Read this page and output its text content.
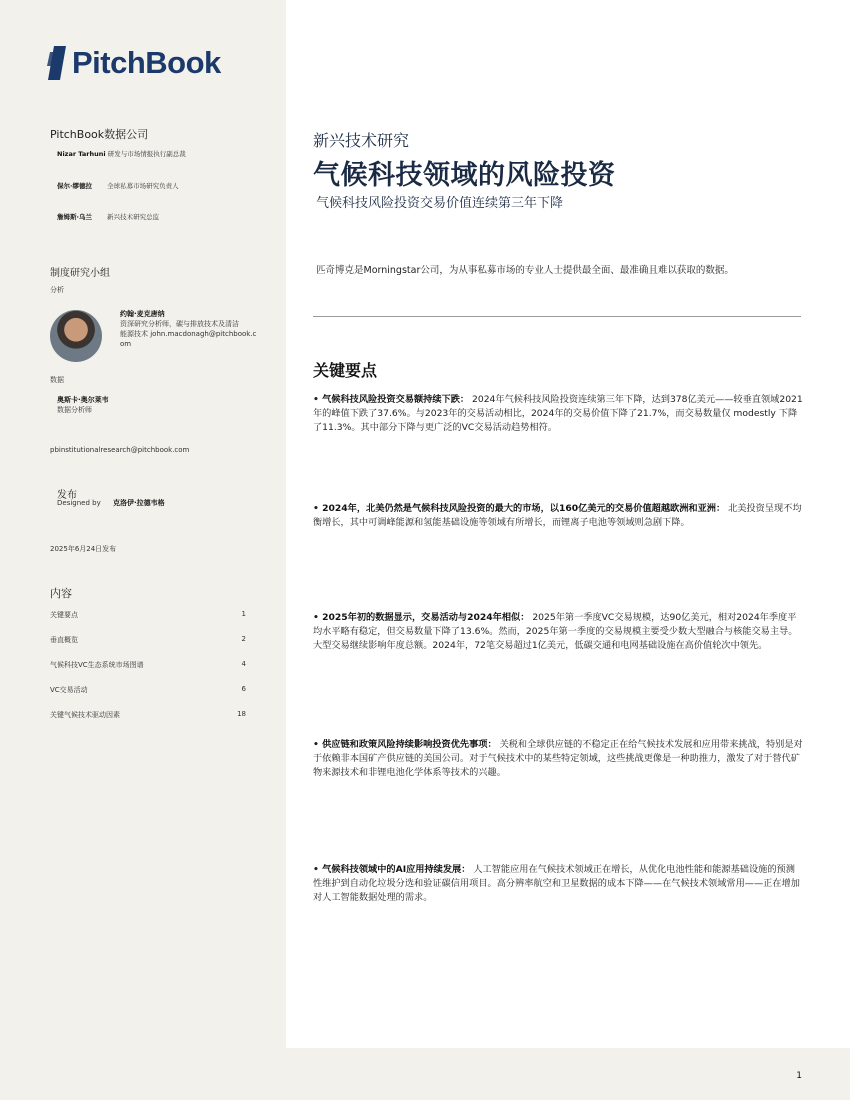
PitchBook
PitchBook数据公司
Nizar Tarhuni 研发与市场情报执行副总裁
保尔·缪德拉 全球私募市场研究负责人
詹姆斯·乌兰 新兴技术研究总监
制度研究小组
分析
约翰·麦克唐纳
资深研究分析师，碳与排放技术及清洁
能源技术 john.macdonagh@pitchbook.c
om
数据
奥斯卡·奥尔莱韦
数据分析师
pbinstitutionalresearch@pitchbook.com
发布
Designed by 克洛伊·拉德韦格
2025年6月24日发布
内容
关键要点	1
垂直概览	2
气候科技VC生态系统市场图谱	4
VC交易活动	6
关键气候技术驱动因素	18
新兴技术研究
气候科技领域的风险投资
气候科技风险投资交易价值连续第三年下降
匹奇博克是Morningstar公司，为从事私募市场的专业人士提供最全面、最准确且难以获取的数据。
关键要点
• 气候科技风险投资交易额持续下跌： 2024年气候科技风险投资连续第三年下降，达到378亿美元——较垂直领域2021年的峰值下跌了37.6%。与2023年的交易活动相比，2024年的交易价值下降了21.7%，而交易数量仅 modestly 下降了11.3%。其中部分下降与更广泛的VC交易活动趋势相符。
• 2024年，北美仍然是气候科技风险投资的最大的市场，以160亿美元的交易价值超越欧洲和亚洲： 北美投资呈现不均衡增长，其中可调峰能源和氢能基础设施等领域有所增长，而锂离子电池等领域则急剧下降。
• 2025年初的数据显示，交易活动与2024年相似： 2025年第一季度VC交易规模，达90亿美元，相对2024年季度平均水平略有稳定，但交易数量下降了13.6%。然而，2025年第一季度的交易规模主要受少数大型融合与核能交易主导。大型交易继续影响年度总额。2024年，72笔交易超过1亿美元，低碳交通和电网基础设施在高价值轮次中领先。
• 供应链和政策风险持续影响投资优先事项： 关税和全球供应链的不稳定正在给气候技术发展和应用带来挑战，特别是对于依赖非本国矿产供应链的美国公司。对于气候技术中的某些特定领域，这些挑战更像是一种助推力，激发了对于替代矿物来源技术和非锂电池化学体系等技术的兴趣。
• 气候科技领域中的AI应用持续发展： 人工智能应用在气候技术领域正在增长，从优化电池性能和能源基础设施的预测性维护到自动化垃圾分选和验证碳信用项目。高分辨率航空和卫星数据的成本下降——在气候技术领域常用——正在增加对人工智能数据处理的需求。
1
